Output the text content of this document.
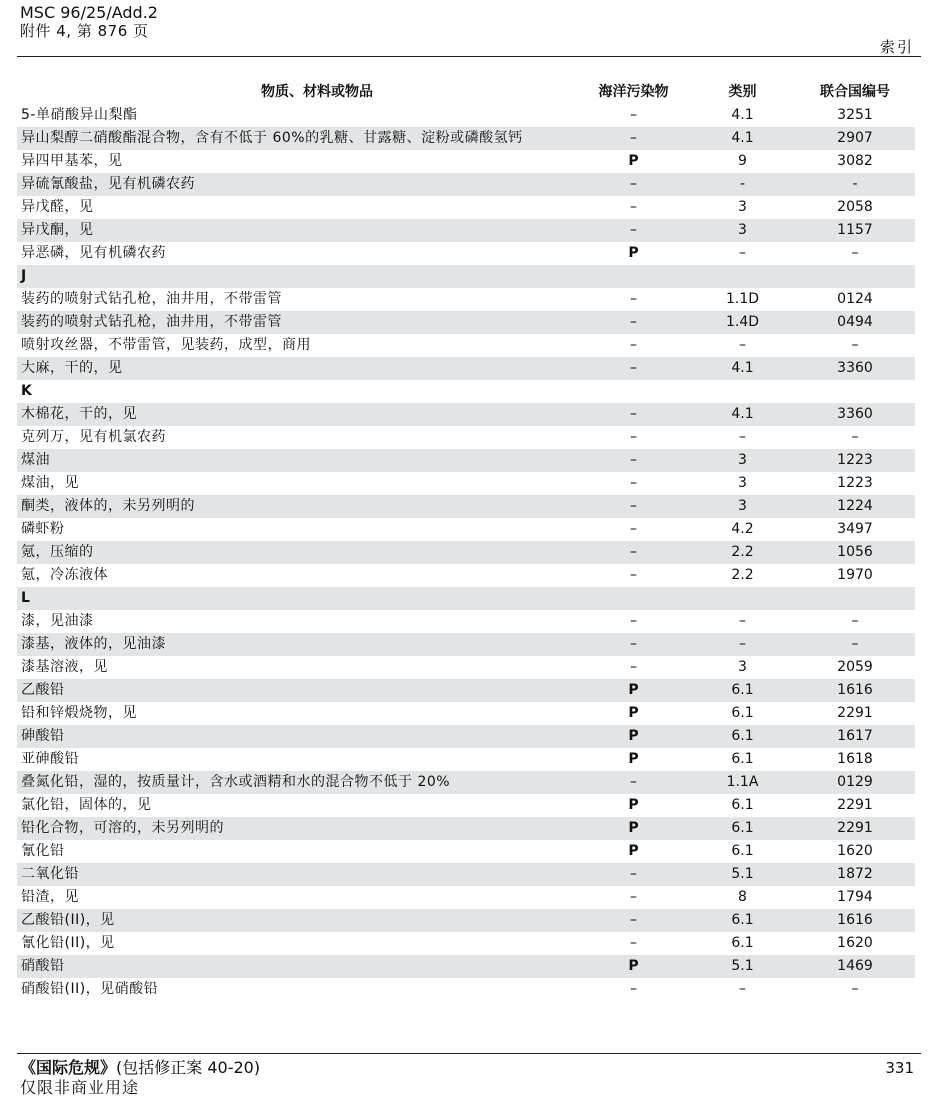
MSC 96/25/Add.2
附件 4, 第 876 页
索引
物质、材料或物品	海洋污染物	类别	联合国编号
5-单硝酸异山梨酯	–	4.1	3251
异山梨醇二硝酸酯混合物，含有不低于 60%的乳糖、甘露糖、淀粉或磷酸氢钙	–	4.1	2907
异四甲基苯，见	P	9	3082
异硫氰酸盐，见有机磷农药	–	-	-
异戊醛，见	–	3	2058
异戊酮，见	–	3	1157
异恶磷，见有机磷农药	P	–	–
J
装药的喷射式钻孔枪，油井用，不带雷管	–	1.1D	0124
装药的喷射式钻孔枪，油井用，不带雷管	–	1.4D	0494
喷射攻丝器，不带雷管，见装药，成型，商用	–	–	–
大麻，干的，见	–	4.1	3360
K
木棉花，干的，见	–	4.1	3360
克列万，见有机氯农药	–	–	–
煤油	–	3	1223
煤油，见	–	3	1223
酮类，液体的，未另列明的	–	3	1224
磷虾粉	–	4.2	3497
氪，压缩的	–	2.2	1056
氪，冷冻液体	–	2.2	1970
L
漆，见油漆	–	–	–
漆基，液体的，见油漆	–	–	–
漆基溶液，见	–	3	2059
乙酸铅	P	6.1	1616
铅和锌煅烧物，见	P	6.1	2291
砷酸铅	P	6.1	1617
亚砷酸铅	P	6.1	1618
叠氮化铅，湿的，按质量计，含水或酒精和水的混合物不低于 20%	–	1.1A	0129
氯化铅，固体的，见	P	6.1	2291
铅化合物，可溶的，未另列明的	P	6.1	2291
氰化铅	P	6.1	1620
二氧化铅	–	5.1	1872
铅渣，见	–	8	1794
乙酸铅(II)，见	–	6.1	1616
氰化铅(II)，见	–	6.1	1620
硝酸铅	P	5.1	1469
硝酸铅(II)，见硝酸铅	–	–	–
《国际危规》(包括修正案 40-20)	331
仅限非商业用途
